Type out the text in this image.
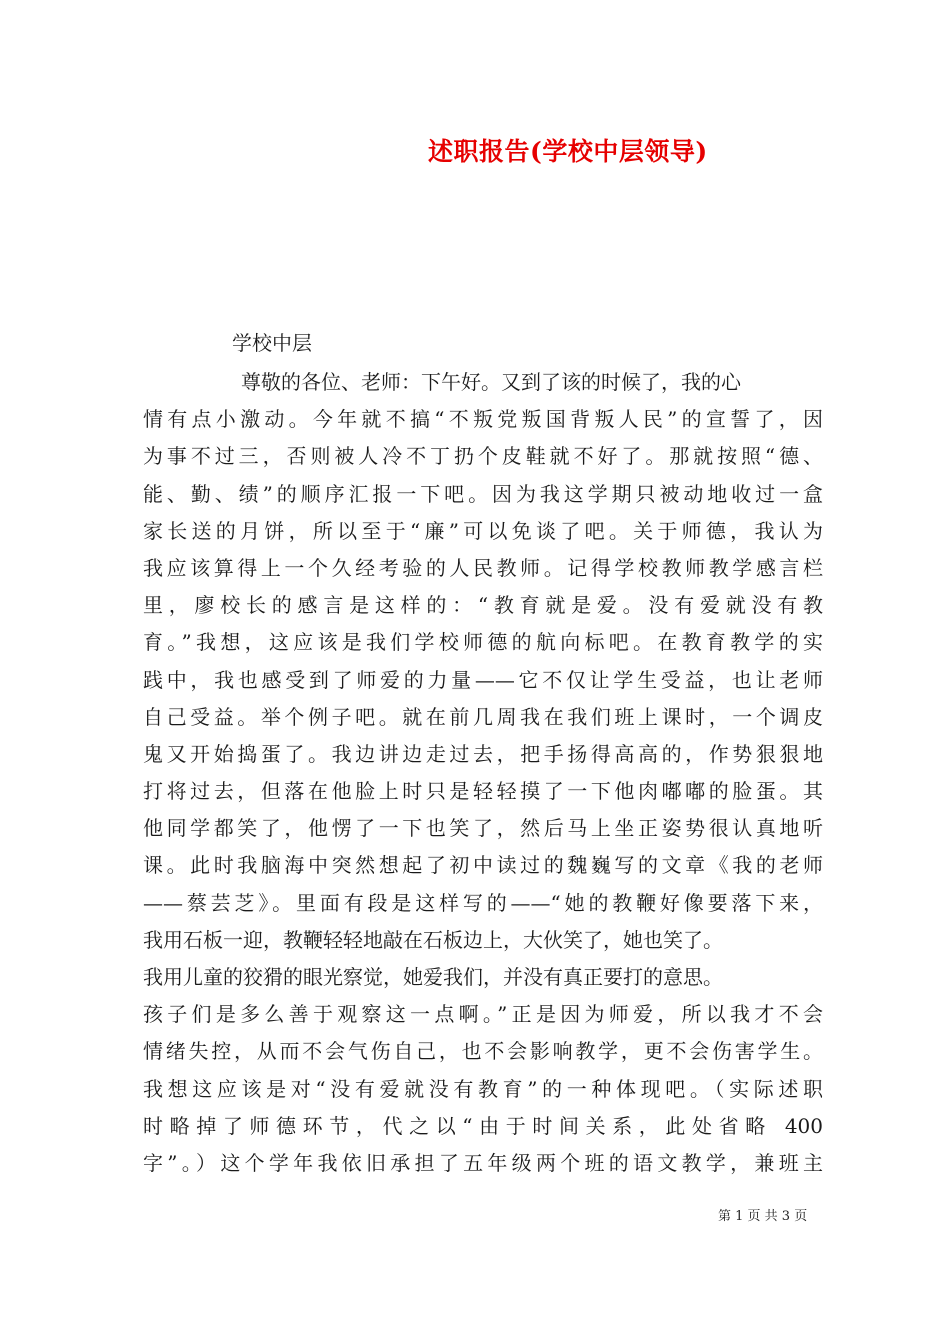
述职报告(学校中层领导)

学校中层

尊敬的各位、老师：下午好。又到了该的时候了，我的心
情有点小激动。今年就不搞“不叛党叛国背叛人民”的宣誓了，因
为事不过三，否则被人冷不丁扔个皮鞋就不好了。那就按照“德、
能、勤、绩”的顺序汇报一下吧。因为我这学期只被动地收过一盒
家长送的月饼，所以至于“廉”可以免谈了吧。关于师德，我认为
我应该算得上一个久经考验的人民教师。记得学校教师教学感言栏
里，廖校长的感言是这样的：“教育就是爱。没有爱就没有教
育。”我想，这应该是我们学校师德的航向标吧。在教育教学的实
践中，我也感受到了师爱的力量——它不仅让学生受益，也让老师
自己受益。举个例子吧。就在前几周我在我们班上课时，一个调皮
鬼又开始捣蛋了。我边讲边走过去，把手扬得高高的，作势狠狠地
打将过去，但落在他脸上时只是轻轻摸了一下他肉嘟嘟的脸蛋。其
他同学都笑了，他愣了一下也笑了，然后马上坐正姿势很认真地听
课。此时我脑海中突然想起了初中读过的魏巍写的文章《我的老师
——蔡芸芝》。里面有段是这样写的——“她的教鞭好像要落下来，
我用石板一迎，教鞭轻轻地敲在石板边上，大伙笑了，她也笑了。
我用儿童的狡猾的眼光察觉，她爱我们，并没有真正要打的意思。
孩子们是多么善于观察这一点啊。”正是因为师爱，所以我才不会
情绪失控，从而不会气伤自己，也不会影响教学，更不会伤害学生。
我想这应该是对“没有爱就没有教育”的一种体现吧。（实际述职
时略掉了师德环节，代之以“由于时间关系，此处省略 400
字”。）这个学年我依旧承担了五年级两个班的语文教学，兼班主

第 1 页 共 3 页
